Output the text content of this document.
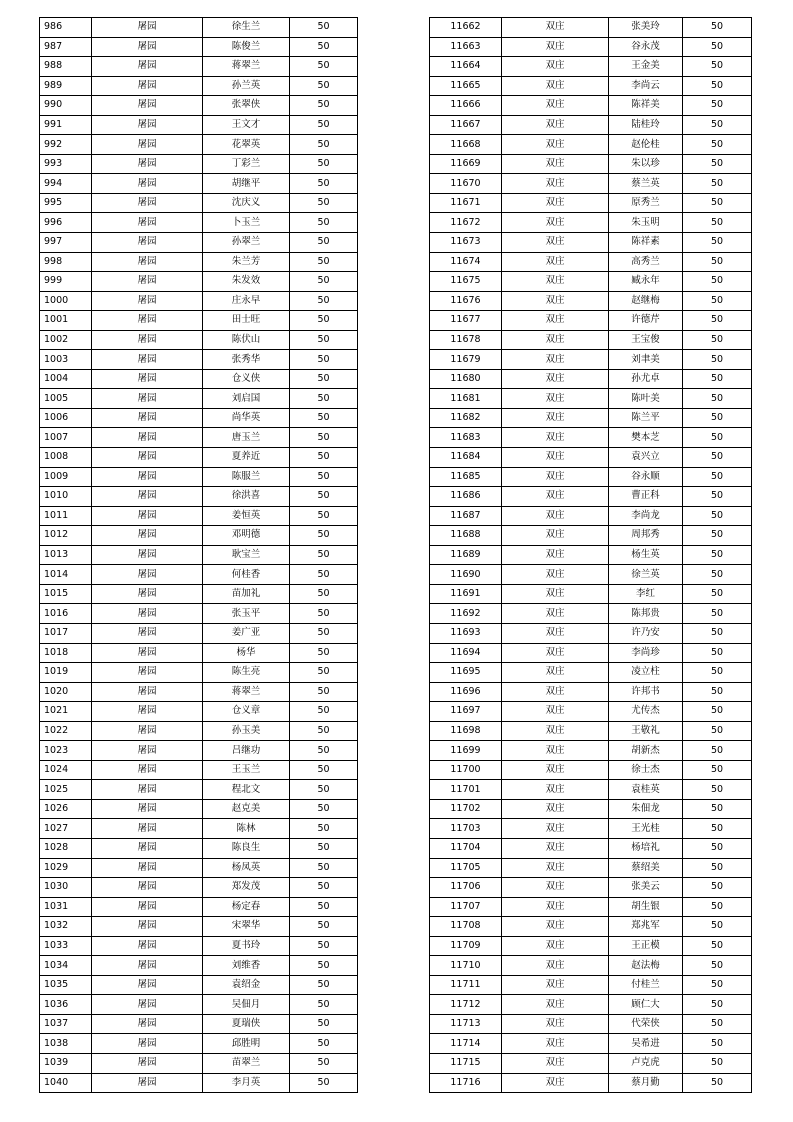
986	屠园	徐生兰	50
987	屠园	陈俊兰	50
988	屠园	蒋翠兰	50
989	屠园	孙兰英	50
990	屠园	张翠侠	50
991	屠园	王文才	50
992	屠园	花翠英	50
993	屠园	丁彩兰	50
994	屠园	胡继平	50
995	屠园	沈庆义	50
996	屠园	卜玉兰	50
997	屠园	孙翠兰	50
998	屠园	朱兰芳	50
999	屠园	朱发效	50
1000	屠园	庄永早	50
1001	屠园	田士旺	50
1002	屠园	陈伏山	50
1003	屠园	张秀华	50
1004	屠园	仓义侠	50
1005	屠园	刘启国	50
1006	屠园	尚华英	50
1007	屠园	唐玉兰	50
1008	屠园	夏养近	50
1009	屠园	陈服兰	50
1010	屠园	徐洪喜	50
1011	屠园	姜恒英	50
1012	屠园	邓明德	50
1013	屠园	耿宝兰	50
1014	屠园	何桂香	50
1015	屠园	苗加礼	50
1016	屠园	张玉平	50
1017	屠园	姜广亚	50
1018	屠园	杨华	50
1019	屠园	陈生亮	50
1020	屠园	蒋翠兰	50
1021	屠园	仓义章	50
1022	屠园	孙玉美	50
1023	屠园	吕继功	50
1024	屠园	王玉兰	50
1025	屠园	程北文	50
1026	屠园	赵克美	50
1027	屠园	陈林	50
1028	屠园	陈良生	50
1029	屠园	杨凤英	50
1030	屠园	郑发茂	50
1031	屠园	杨定春	50
1032	屠园	宋翠华	50
1033	屠园	夏书玲	50
1034	屠园	刘维香	50
1035	屠园	袁绍金	50
1036	屠园	吴佃月	50
1037	屠园	夏瑞侠	50
1038	屠园	邱胜明	50
1039	屠园	苗翠兰	50
1040	屠园	李月英	50
11662	双庄	张美玲	50
11663	双庄	谷永茂	50
11664	双庄	王金美	50
11665	双庄	李尚云	50
11666	双庄	陈祥美	50
11667	双庄	陆桂玲	50
11668	双庄	赵伦桂	50
11669	双庄	朱以珍	50
11670	双庄	蔡兰英	50
11671	双庄	原秀兰	50
11672	双庄	朱玉明	50
11673	双庄	陈祥素	50
11674	双庄	高秀兰	50
11675	双庄	臧永年	50
11676	双庄	赵继梅	50
11677	双庄	许德芹	50
11678	双庄	王宝俊	50
11679	双庄	刘聿美	50
11680	双庄	孙尤卓	50
11681	双庄	陈叶美	50
11682	双庄	陈兰平	50
11683	双庄	樊本芝	50
11684	双庄	袁兴立	50
11685	双庄	谷永顺	50
11686	双庄	曹正科	50
11687	双庄	李尚龙	50
11688	双庄	周邦秀	50
11689	双庄	杨生英	50
11690	双庄	徐兰英	50
11691	双庄	李红	50
11692	双庄	陈邦贵	50
11693	双庄	许乃安	50
11694	双庄	李尚珍	50
11695	双庄	凌立柱	50
11696	双庄	许邦书	50
11697	双庄	尤传杰	50
11698	双庄	王敬礼	50
11699	双庄	胡新杰	50
11700	双庄	徐士杰	50
11701	双庄	袁桂英	50
11702	双庄	朱佃龙	50
11703	双庄	王光桂	50
11704	双庄	杨培礼	50
11705	双庄	蔡绍美	50
11706	双庄	张美云	50
11707	双庄	胡生银	50
11708	双庄	郑兆军	50
11709	双庄	王正模	50
11710	双庄	赵法梅	50
11711	双庄	付桂兰	50
11712	双庄	顾仁大	50
11713	双庄	代荣侠	50
11714	双庄	吴希进	50
11715	双庄	卢克虎	50
11716	双庄	蔡月勤	50
